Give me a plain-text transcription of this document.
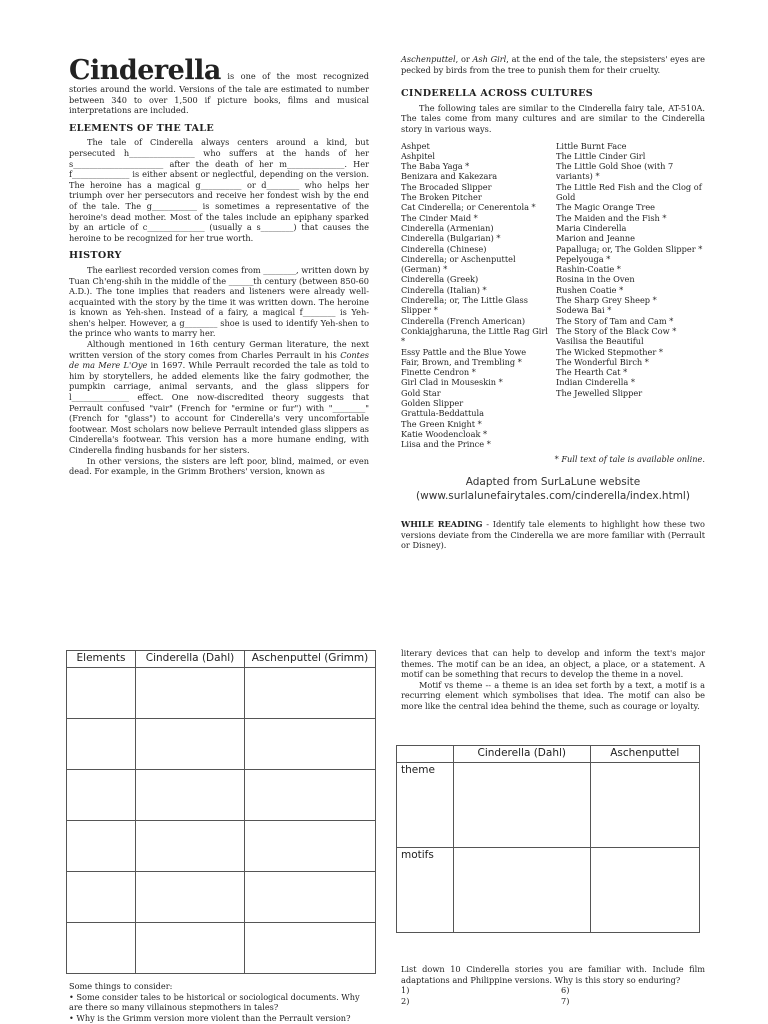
Cinderella is one of the most recognized stories around the world. Versions of the tale are estimated to number between 340 to over 1,500 if picture books, films and musical interpretations are included.

ELEMENTS OF THE TALE

The tale of Cinderella always centers around a kind, but persecuted h________________ who suffers at the hands of her s______________________ after the death of her m______________. Her f______________ is either absent or neglectful, depending on the version. The heroine has a magical g__________ or d________ who helps her triumph over her persecutors and receive her fondest wish by the end of the tale. The g___________ is sometimes a representative of the heroine's dead mother. Most of the tales include an epiphany sparked by an article of c______________ (usually a s________) that causes the heroine to be recognized for her true worth.

HISTORY

The earliest recorded version comes from ________, written down by Tuan Ch'eng-shih in the middle of the ______th century (between 850-60 A.D.). The tone implies that readers and listeners were already well-acquainted with the story by the time it was written down. The heroine is known as Yeh-shen. Instead of a fairy, a magical f________ is Yeh-shen's helper. However, a g________ shoe is used to identify Yeh-shen to the prince who wants to marry her.

Although mentioned in 16th century German literature, the next written version of the story comes from Charles Perrault in his Contes de ma Mere L'Oye in 1697. While Perrault recorded the tale as told to him by storytellers, he added elements like the fairy godmother, the pumpkin carriage, animal servants, and the glass slippers for l______________ effect. One now-discredited theory suggests that Perrault confused "vair" (French for "ermine or fur") with "________" (French for "glass") to account for Cinderella's very uncomfortable footwear. Most scholars now believe Perrault intended glass slippers as Cinderella's footwear. This version has a more humane ending, with Cinderella finding husbands for her sisters.

In other versions, the sisters are left poor, blind, maimed, or even dead. For example, in the Grimm Brothers' version, known as

Aschenputtel, or Ash Girl, at the end of the tale, the stepsisters' eyes are pecked by birds from the tree to punish them for their cruelty.

CINDERELLA ACROSS CULTURES

The following tales are similar to the Cinderella fairy tale, AT-510A. The tales come from many cultures and are similar to the Cinderella story in various ways.

Ashpet
Ashpitel
The Baba Yaga *
Benizara and Kakezara
The Brocaded Slipper
The Broken Pitcher
Cat Cinderella; or Cenerentola *
The Cinder Maid *
Cinderella (Armenian)
Cinderella (Bulgarian) *
Cinderella (Chinese)
Cinderella; or Aschenputtel (German) *
Cinderella (Greek)
Cinderella (Italian) *
Cinderella; or, The Little Glass Slipper *
Cinderella (French American)
Conkiajgharuna, the Little Rag Girl *
Essy Pattle and the Blue Yowe
Fair, Brown, and Trembling *
Finette Cendron *
Girl Clad in Mouseskin *
Gold Star
Golden Slipper
Grattula-Beddattula
The Green Knight *
Katie Woodencloak *
Liisa and the Prince *
Little Burnt Face
The Little Cinder Girl
The Little Gold Shoe (with 7 variants) *
The Little Red Fish and the Clog of Gold
The Magic Orange Tree
The Maiden and the Fish *
Maria Cinderella
Marion and Jeanne
Papalluga; or, The Golden Slipper *
Pepelyouga *
Rashin-Coatie *
Rosina in the Oven
Rushen Coatie *
The Sharp Grey Sheep *
Sodewa Bai *
The Story of Tam and Cam *
The Story of the Black Cow *
Vasilisa the Beautiful
The Wicked Stepmother *
The Wonderful Birch *
The Hearth Cat *
Indian Cinderella *
The Jewelled Slipper
* Full text of tale is available online.
Adapted from SurLaLune website
(www.surlalunefairytales.com/cinderella/index.html)

WHILE READING - Identify tale elements to highlight how these two versions deviate from the Cinderella we are more familiar with (Perrault or Disney).

Elements	Cinderella (Dahl)	Aschenputtel (Grimm)

			literary devices that can help to develop and inform the text's major themes. The motif can be an idea, an object, a place, or a statement. A motif can be something that recurs to develop the theme in a novel.

Motif vs theme -- a theme is an idea set forth by a text, a motif is a recurring element which symbolises that idea. The motif can also be more like the central idea behind the theme, such as courage or loyalty.

	Cinderella (Dahl)	Aschenputtel
theme		
motifs		
Some things to consider:
• Some consider tales to be historical or sociological documents. Why are there so many villainous stepmothers in tales?
• Why is the Grimm version more violent than the Perrault version?

List down 10 Cinderella stories you are familiar with. Include film adaptations and Philippine versions. Why is this story so enduring?

1)
2)
6)
7)
